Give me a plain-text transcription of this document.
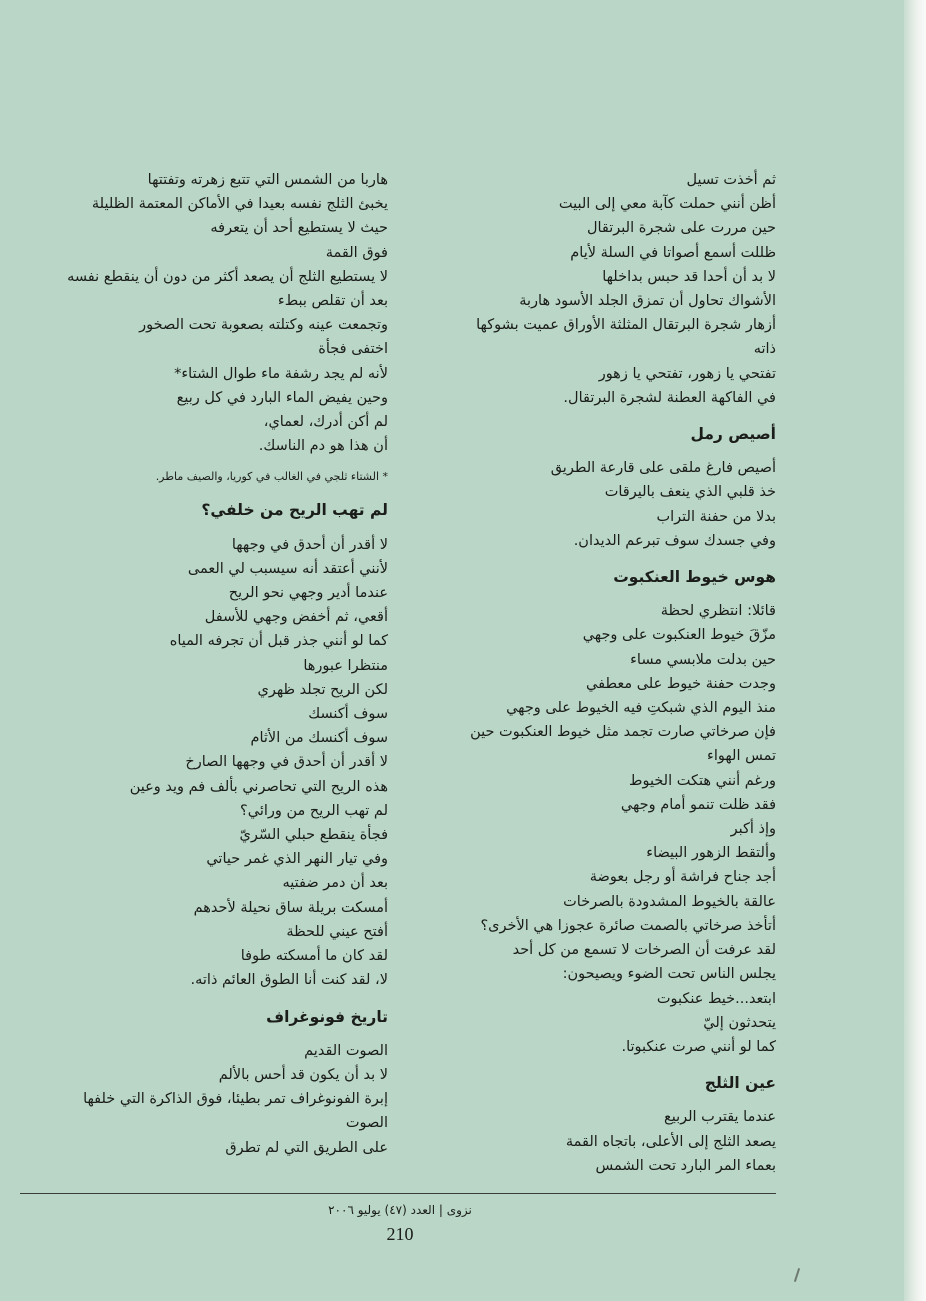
ثم أخذت تسيل
أظن أنني حملت كآبة معي إلى البيت
حين مررت على شجرة البرتقال
ظللت أسمع أصواتا في السلة لأيام
لا بد أن أحدا قد حبس بداخلها
الأشواك تحاول أن تمزق الجلد الأسود هاربة
أزهار شجرة البرتقال المثلثة الأوراق عميت بشوكها
ذاته
تفتحي يا زهور، تفتحي يا زهور
في الفاكهة العطنة لشجرة البرتقال.
أصيص رمل
أصيص فارغ ملقى على قارعة الطريق
خذ قلبي الذي ينعف باليرقات
بدلا من حفنة التراب
وفي جسدك سوف تبرعم الديدان.
هوس خيوط العنكبوت
قائلا: انتظري لحظة
مزّقَ خيوط العنكبوت على وجهي
حين بدلت ملابسي مساء
وجدت حفنة خيوط على معطفي
منذ اليوم الذي شبكتِ فيه الخيوط على وجهي
فإن صرخاتي صارت تجمد مثل خيوط العنكبوت حين
تمس الهواء
ورغم أنني هتكت الخيوط
فقد ظلت تنمو أمام وجهي
وإذ أكبر
وألتقط الزهور البيضاء
أجد جناح فراشة أو رجل بعوضة
عالقة بالخيوط المشدودة بالصرخات
أتأخذ صرخاتي بالصمت صائرة عجوزا هي الأخرى؟
لقد عرفت أن الصرخات لا تسمع من كل أحد
يجلس الناس تحت الضوء ويصيحون:
ابتعد...خيط عنكبوت
يتحدثون إليّ
كما لو أنني صرت عنكبوتا.
عين الثلج
عندما يقترب الربيع
يصعد الثلج إلى الأعلى، باتجاه القمة
بعماء المر البارد تحت الشمس
هاربا من الشمس التي تتبع زهرته وتفتتها
يخبئ الثلج نفسه بعيدا في الأماكن المعتمة الظليلة
حيث لا يستطيع أحد أن يتعرفه
فوق القمة
لا يستطيع الثلج أن يصعد أكثر من دون أن ينقطع نفسه
بعد أن تقلص ببطء
وتجمعت عينه وكتلته بصعوبة تحت الصخور
اختفى فجأة
لأنه لم يجد رشفة ماء طوال الشتاء*
وحين يفيض الماء البارد في كل ربيع
لم أكن أدرك، لعماي،
أن هذا هو دم الناسك.
* الشتاء ثلجي في الغالب في كوريا، والصيف ماطر.
لم تهب الريح من خلفي؟
لا أقدر أن أحدق في وجهها
لأنني أعتقد أنه سيسبب لي العمى
عندما أدير وجهي نحو الريح
أقعي، ثم أخفض وجهي للأسفل
كما لو أنني جذر قبل أن تجرفه المياه
منتظرا عبورها
لكن الريح تجلد ظهري
سوف أكنسك
سوف أكنسك من الأثام
لا أقدر أن أحدق في وجهها الصارخ
هذه الريح التي تحاصرني بألف فم ويد وعين
لم تهب الريح من ورائي؟
فجأة ينقطع حبلي السّريّ
وفي تيار النهر الذي غمر حياتي
بعد أن دمر ضفتيه
أمسكت بريلة ساق نحيلة لأحدهم
أفتح عيني للحظة
لقد كان ما أمسكته طوفا
لا، لقد كنت أنا الطوق العائم ذاته.
تاريخ فونوغراف
الصوت القديم
لا بد أن يكون قد أحس بالألم
إبرة الفونوغراف تمر بطيئا، فوق الذاكرة التي خلفها
الصوت
على الطريق التي لم تطرق
نزوى | العدد (٤٧) يوليو ٢٠٠٦
210
